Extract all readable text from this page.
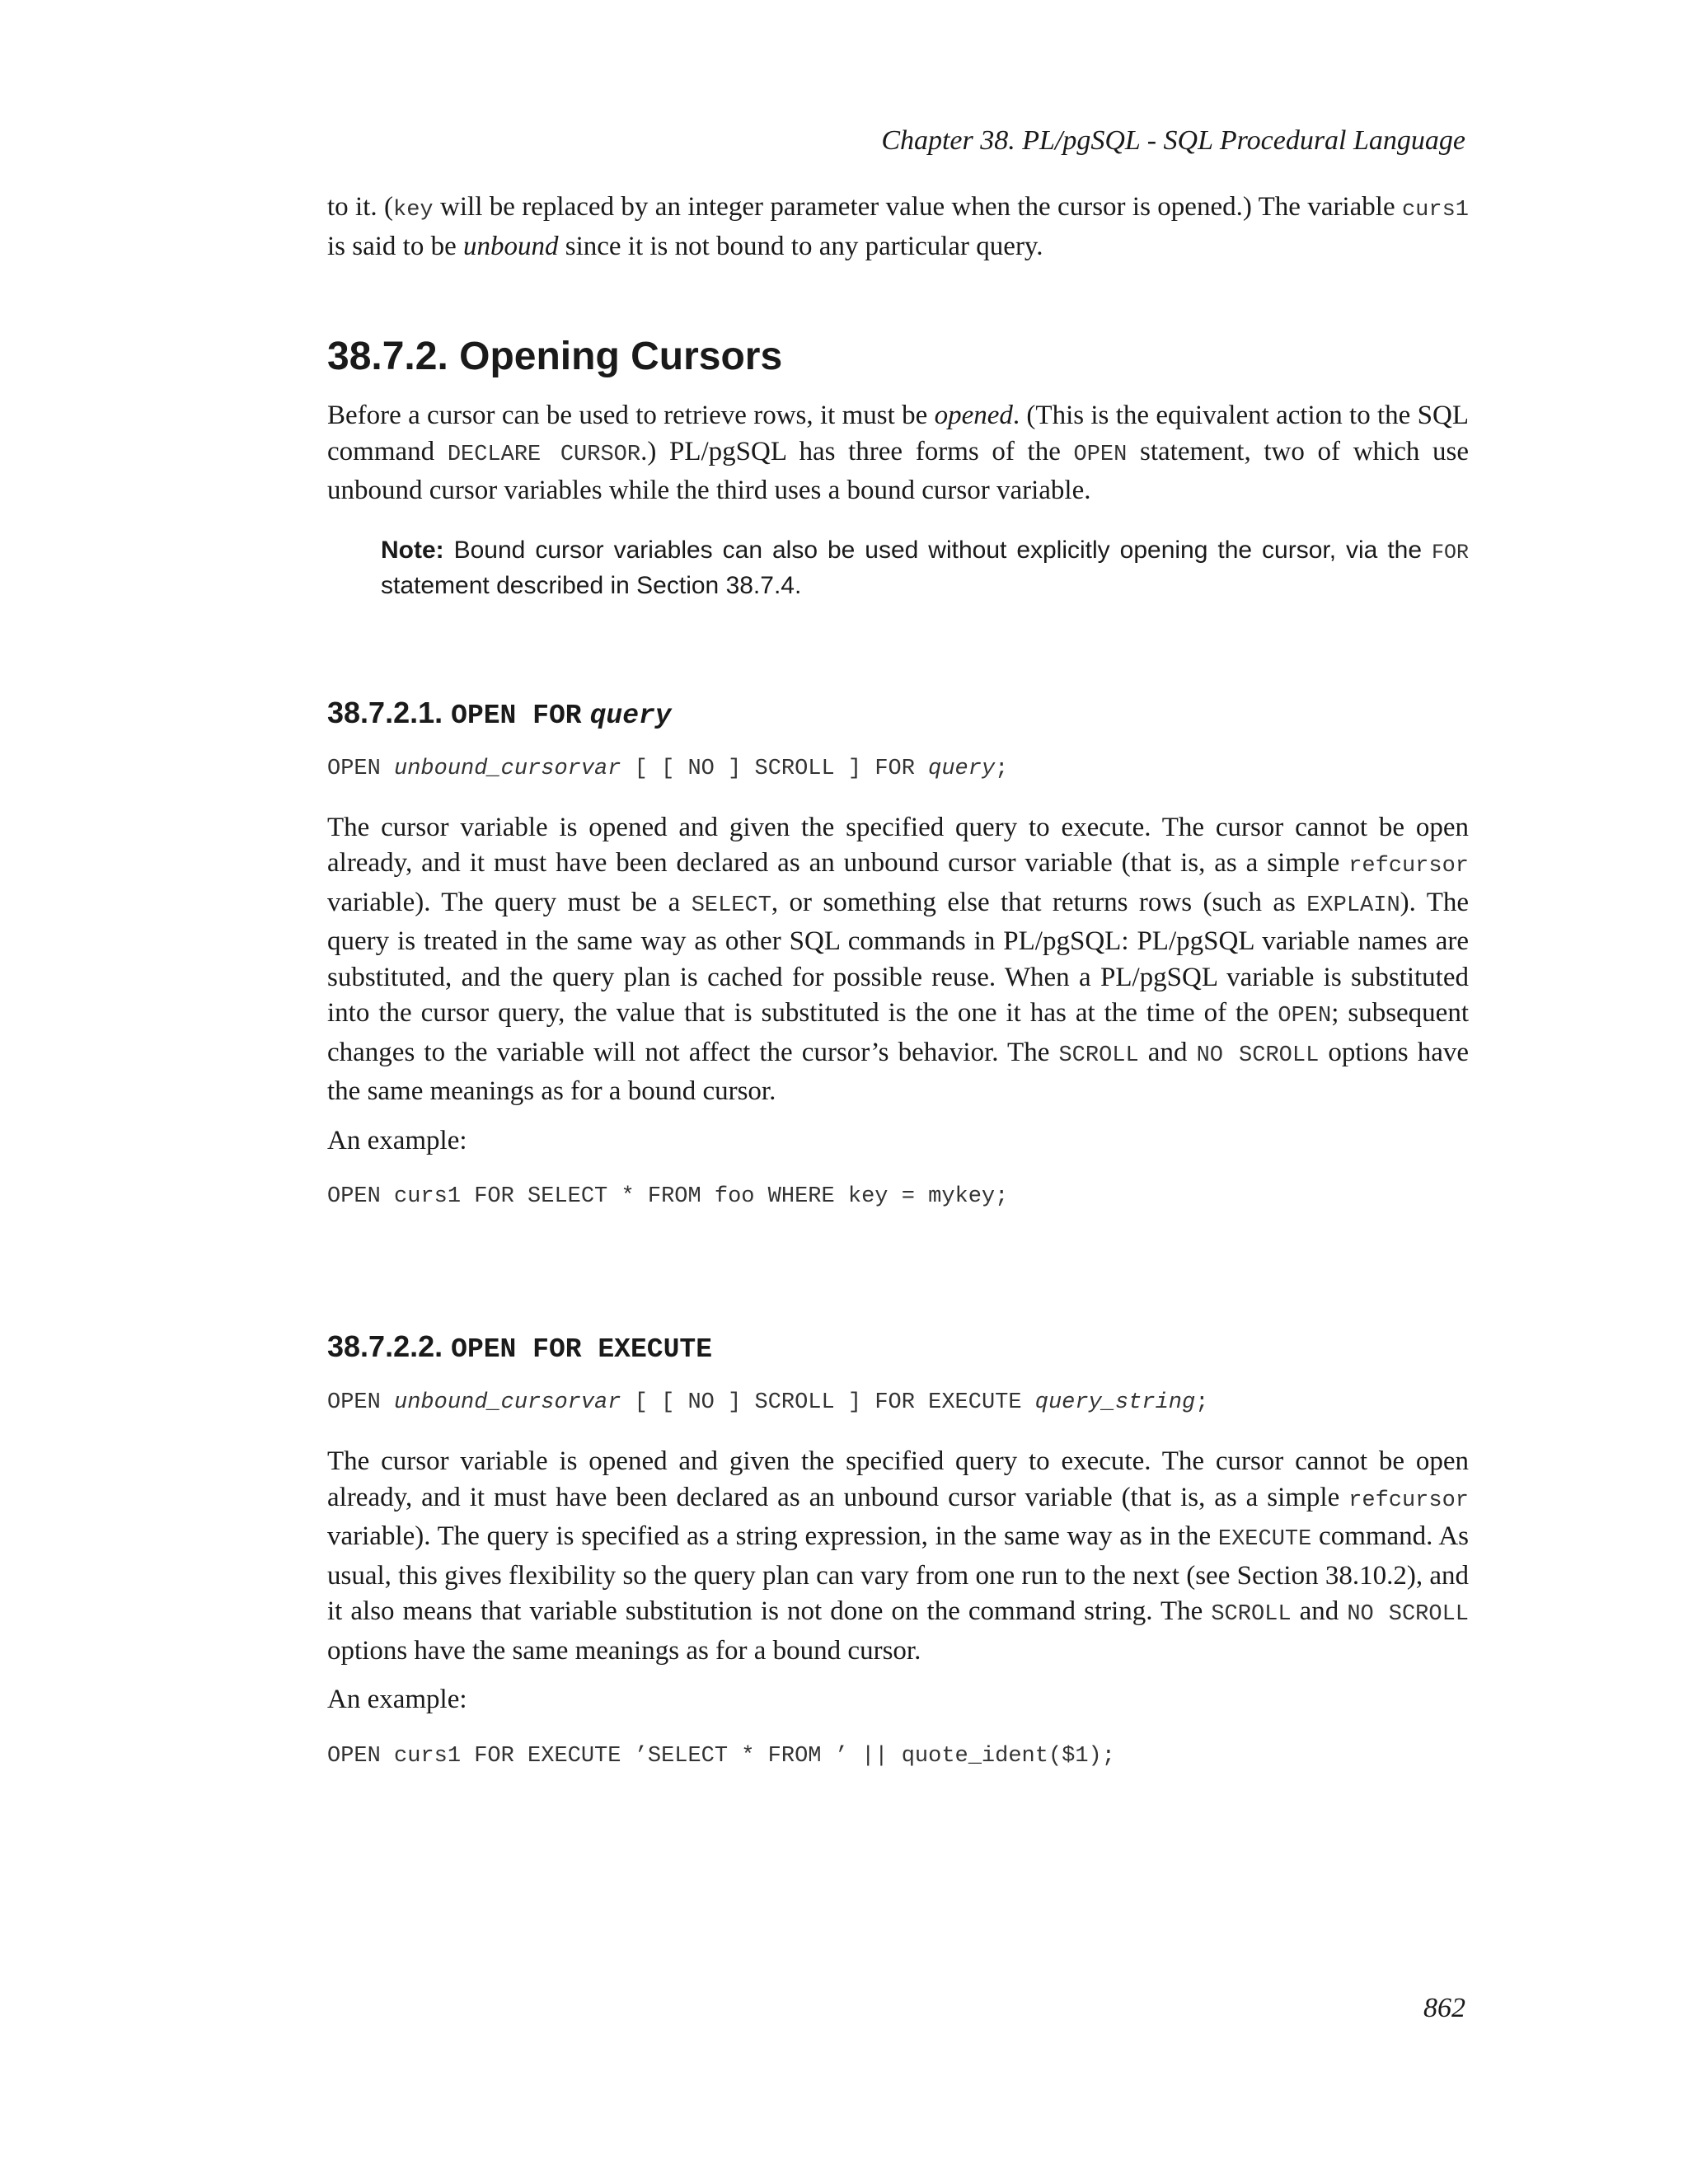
Chapter 38. PL/pgSQL - SQL Procedural Language

to it. (key will be replaced by an integer parameter value when the cursor is opened.) The variable curs1 is said to be unbound since it is not bound to any particular query.

38.7.2. Opening Cursors

Before a cursor can be used to retrieve rows, it must be opened. (This is the equivalent action to the SQL command DECLARE CURSOR.) PL/pgSQL has three forms of the OPEN statement, two of which use unbound cursor variables while the third uses a bound cursor variable.

Note: Bound cursor variables can also be used without explicitly opening the cursor, via the FOR statement described in Section 38.7.4.
38.7.2.1. OPEN FOR query
OPEN unbound_cursorvar [ [ NO ] SCROLL ] FOR query;

The cursor variable is opened and given the specified query to execute. The cursor cannot be open already, and it must have been declared as an unbound cursor variable (that is, as a simple refcursor variable). The query must be a SELECT, or something else that returns rows (such as EXPLAIN). The query is treated in the same way as other SQL commands in PL/pgSQL: PL/pgSQL variable names are substituted, and the query plan is cached for possible reuse. When a PL/pgSQL variable is substituted into the cursor query, the value that is substituted is the one it has at the time of the OPEN; subsequent changes to the variable will not affect the cursor’s behavior. The SCROLL and NO SCROLL options have the same meanings as for a bound cursor.

An example:

OPEN curs1 FOR SELECT * FROM foo WHERE key = mykey;
38.7.2.2. OPEN FOR EXECUTE
OPEN unbound_cursorvar [ [ NO ] SCROLL ] FOR EXECUTE query_string;

The cursor variable is opened and given the specified query to execute. The cursor cannot be open already, and it must have been declared as an unbound cursor variable (that is, as a simple refcursor variable). The query is specified as a string expression, in the same way as in the EXECUTE command. As usual, this gives flexibility so the query plan can vary from one run to the next (see Section 38.10.2), and it also means that variable substitution is not done on the command string. The SCROLL and NO SCROLL options have the same meanings as for a bound cursor.

An example:

OPEN curs1 FOR EXECUTE ’SELECT * FROM ’ || quote_ident($1);
862
